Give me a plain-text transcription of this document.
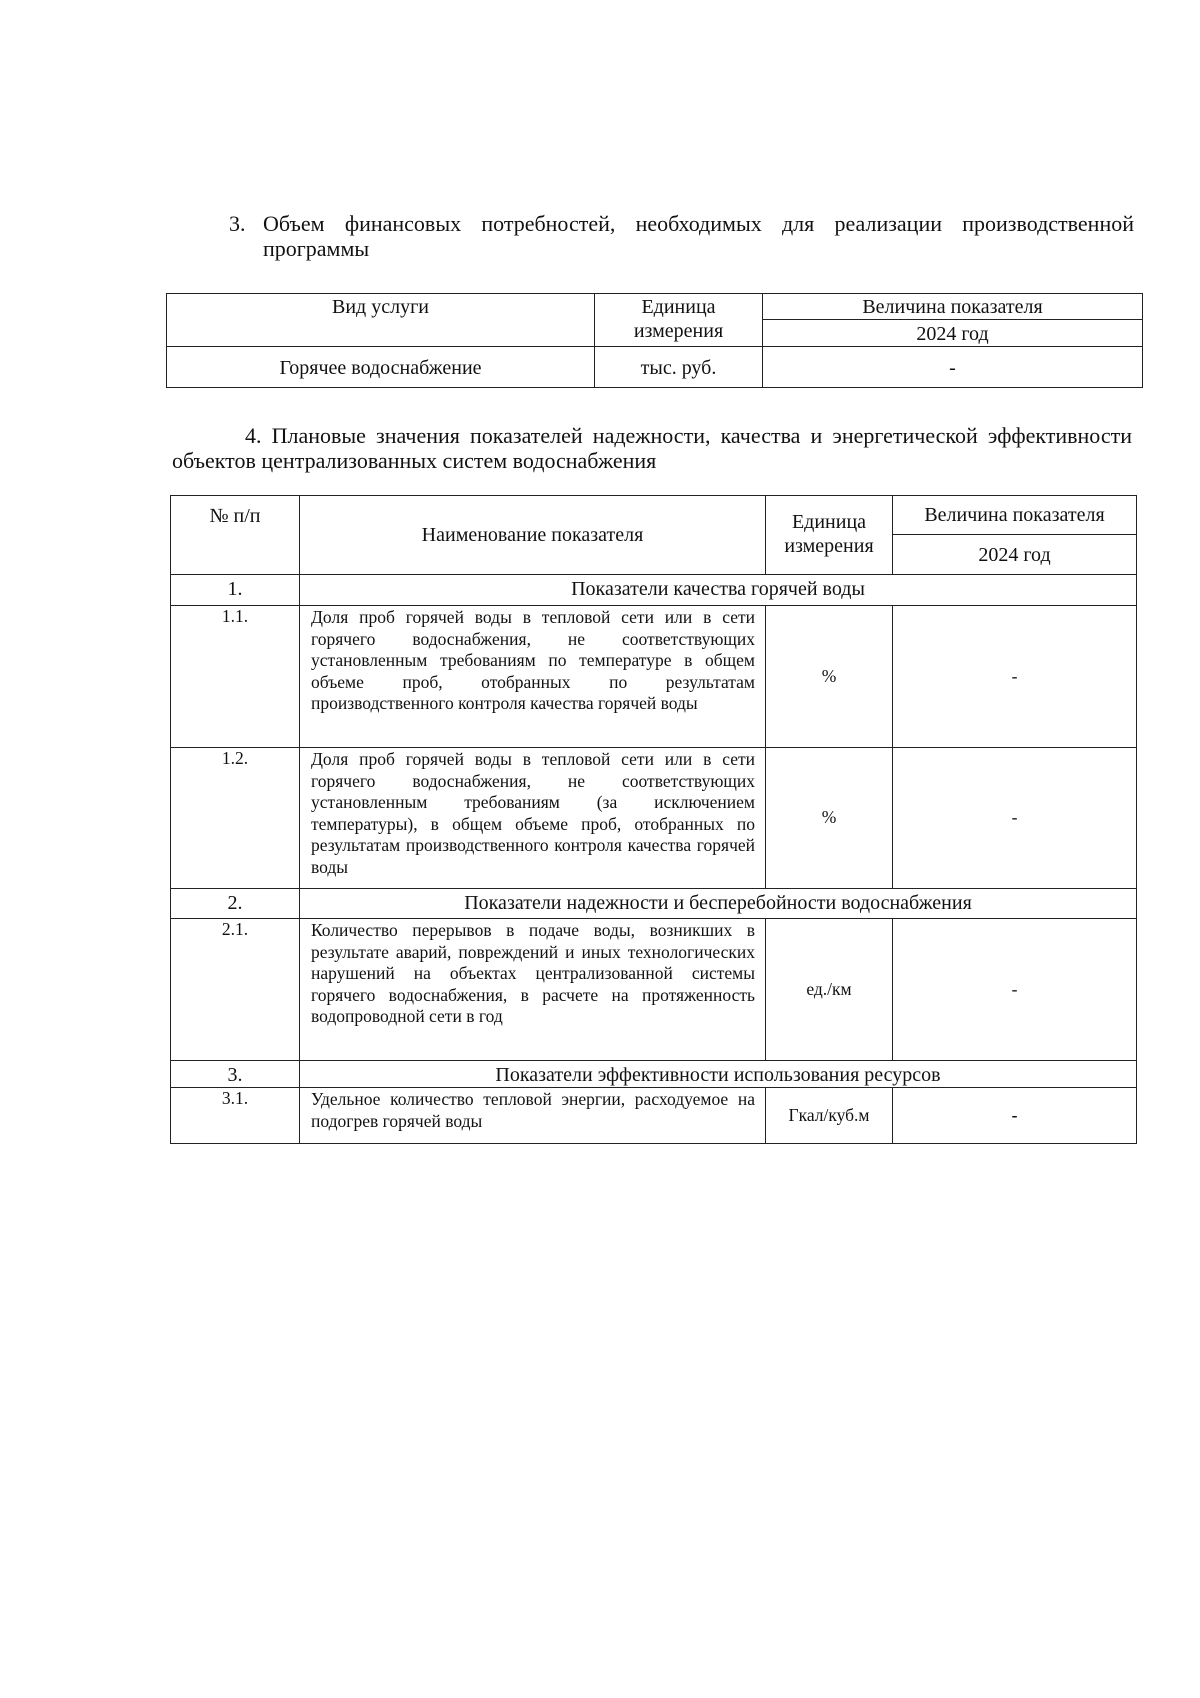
3. Объем финансовых потребностей, необходимых для реализации производственной программы
Вид услуги	Единица измерения	Величина показателя
		2024 год
Горячее водоснабжение	тыс. руб.	-
4. Плановые значения показателей надежности, качества и энергетической эффективности объектов централизованных систем водоснабжения
№ п/п	Наименование показателя	Единица измерения	Величина показателя
			2024 год
1.	Показатели качества горячей воды		
1.1.	Доля проб горячей воды в тепловой сети или в сети горячего водоснабжения, не соответствующих установленным требованиям по температуре в общем объеме проб, отобранных по результатам производственного контроля качества горячей воды	%	-
1.2.	Доля проб горячей воды в тепловой сети или в сети горячего водоснабжения, не соответствующих установленным требованиям (за исключением температуры), в общем объеме проб, отобранных по результатам производственного контроля качества горячей воды	%	-
2.	Показатели надежности и бесперебойности водоснабжения		
2.1.	Количество перерывов в подаче воды, возникших в результате аварий, повреждений и иных технологических нарушений на объектах централизованной системы горячего водоснабжения, в расчете на протяженность водопроводной сети в год	ед./км	-
3.	Показатели эффективности использования ресурсов		
3.1.	Удельное количество тепловой энергии, расходуемое на подогрев горячей воды	Гкал/куб.м	-
